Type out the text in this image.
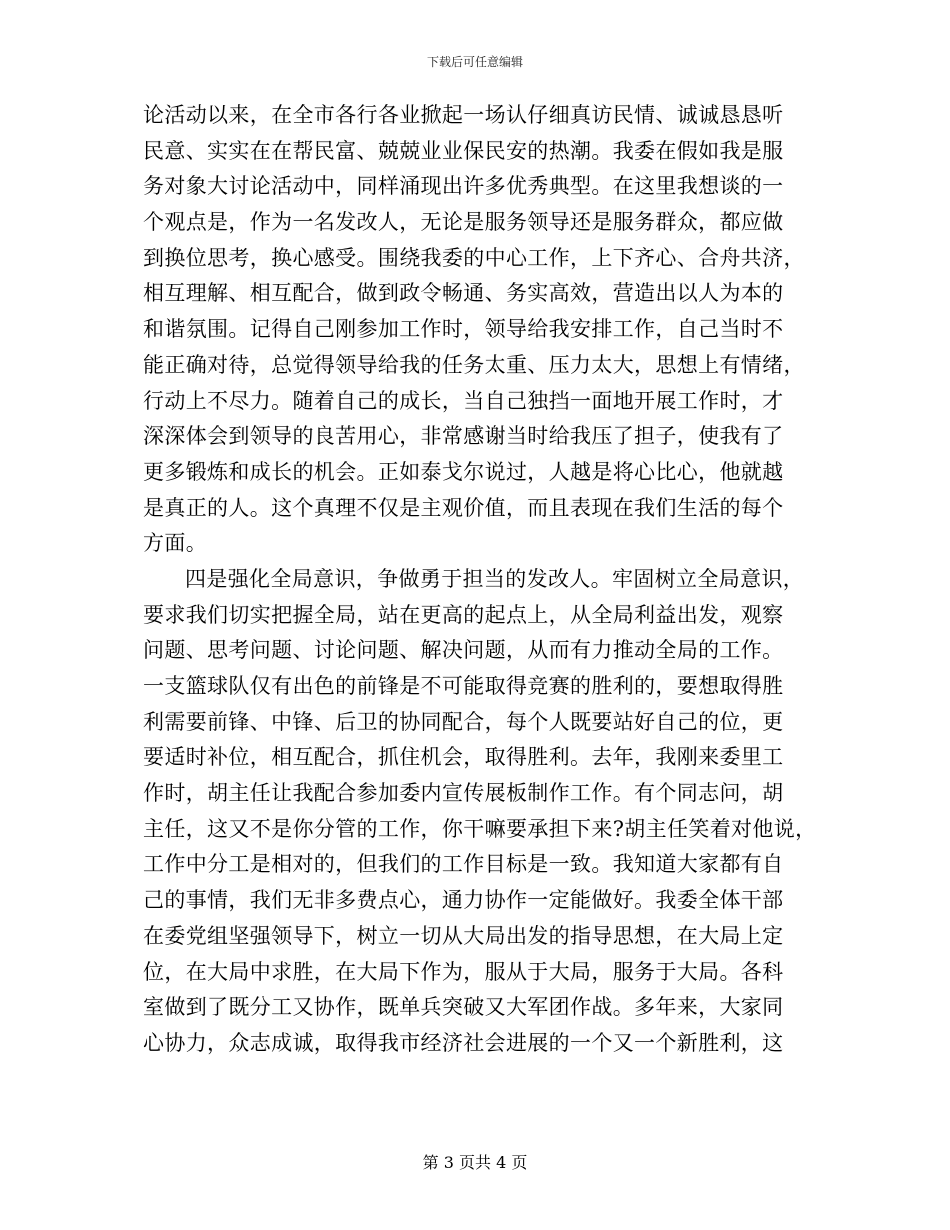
下载后可任意编辑
论活动以来，在全市各行各业掀起一场认仔细真访民情、诚诚恳恳听
民意、实实在在帮民富、兢兢业业保民安的热潮。我委在假如我是服
务对象大讨论活动中，同样涌现出许多优秀典型。在这里我想谈的一
个观点是，作为一名发改人，无论是服务领导还是服务群众，都应做
到换位思考，换心感受。围绕我委的中心工作，上下齐心、合舟共济，
相互理解、相互配合，做到政令畅通、务实高效，营造出以人为本的
和谐氛围。记得自己刚参加工作时，领导给我安排工作，自己当时不
能正确对待，总觉得领导给我的任务太重、压力太大，思想上有情绪，
行动上不尽力。随着自己的成长，当自己独挡一面地开展工作时，才
深深体会到领导的良苦用心，非常感谢当时给我压了担子，使我有了
更多锻炼和成长的机会。正如泰戈尔说过，人越是将心比心，他就越
是真正的人。这个真理不仅是主观价值，而且表现在我们生活的每个
方面。
四是强化全局意识，争做勇于担当的发改人。牢固树立全局意识，
要求我们切实把握全局，站在更高的起点上，从全局利益出发，观察
问题、思考问题、讨论问题、解决问题，从而有力推动全局的工作。
一支篮球队仅有出色的前锋是不可能取得竞赛的胜利的，要想取得胜
利需要前锋、中锋、后卫的协同配合，每个人既要站好自己的位，更
要适时补位，相互配合，抓住机会，取得胜利。去年，我刚来委里工
作时，胡主任让我配合参加委内宣传展板制作工作。有个同志问，胡
主任，这又不是你分管的工作，你干嘛要承担下来?胡主任笑着对他说，
工作中分工是相对的，但我们的工作目标是一致。我知道大家都有自
己的事情，我们无非多费点心，通力协作一定能做好。我委全体干部
在委党组坚强领导下，树立一切从大局出发的指导思想，在大局上定
位，在大局中求胜，在大局下作为，服从于大局，服务于大局。各科
室做到了既分工又协作，既单兵突破又大军团作战。多年来，大家同
心协力，众志成诚，取得我市经济社会进展的一个又一个新胜利，这
第 3 页共 4 页
